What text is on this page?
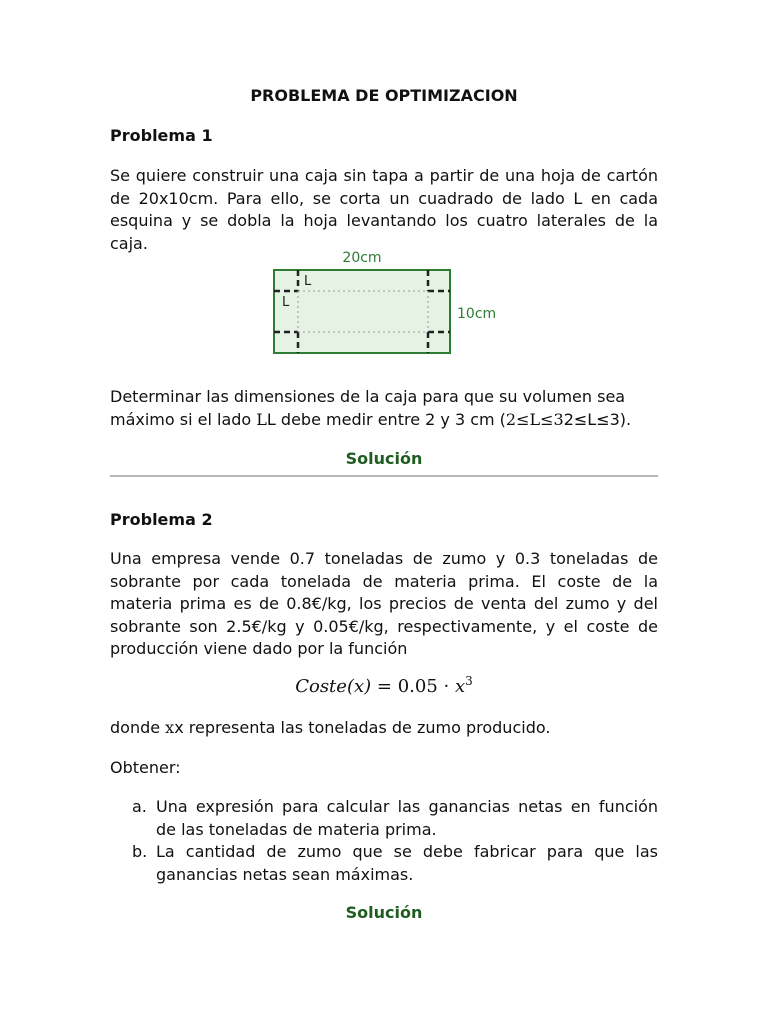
PROBLEMA DE OPTIMIZACION
Problema 1

Se quiere construir una caja sin tapa a partir de una hoja de cartón de 20x10cm. Para ello, se corta un cuadrado de lado L en cada esquina y se dobla la hoja levantando los cuatro laterales de la caja.

20cm
10cm
L
L
Determinar las dimensiones de la caja para que su volumen sea
máximo si el lado LL debe medir entre 2 y 3 cm (2≤L≤32≤L≤3).
Solución
Problema 2

Una empresa vende 0.7 toneladas de zumo y 0.3 toneladas de sobrante por cada tonelada de materia prima. El coste de la materia prima es de 0.8€/kg, los precios de venta del zumo y del sobrante son 2.5€/kg y 0.05€/kg, respectivamente, y el coste de producción viene dado por la función

Coste(x) = $0.05 \cdot x^3$
donde xx representa las toneladas de zumo producido.
Obtener:
a. Una expresión para calcular las ganancias netas en función de las toneladas de materia prima.
b. La cantidad de zumo que se debe fabricar para que las ganancias netas sean máximas.
Solución
